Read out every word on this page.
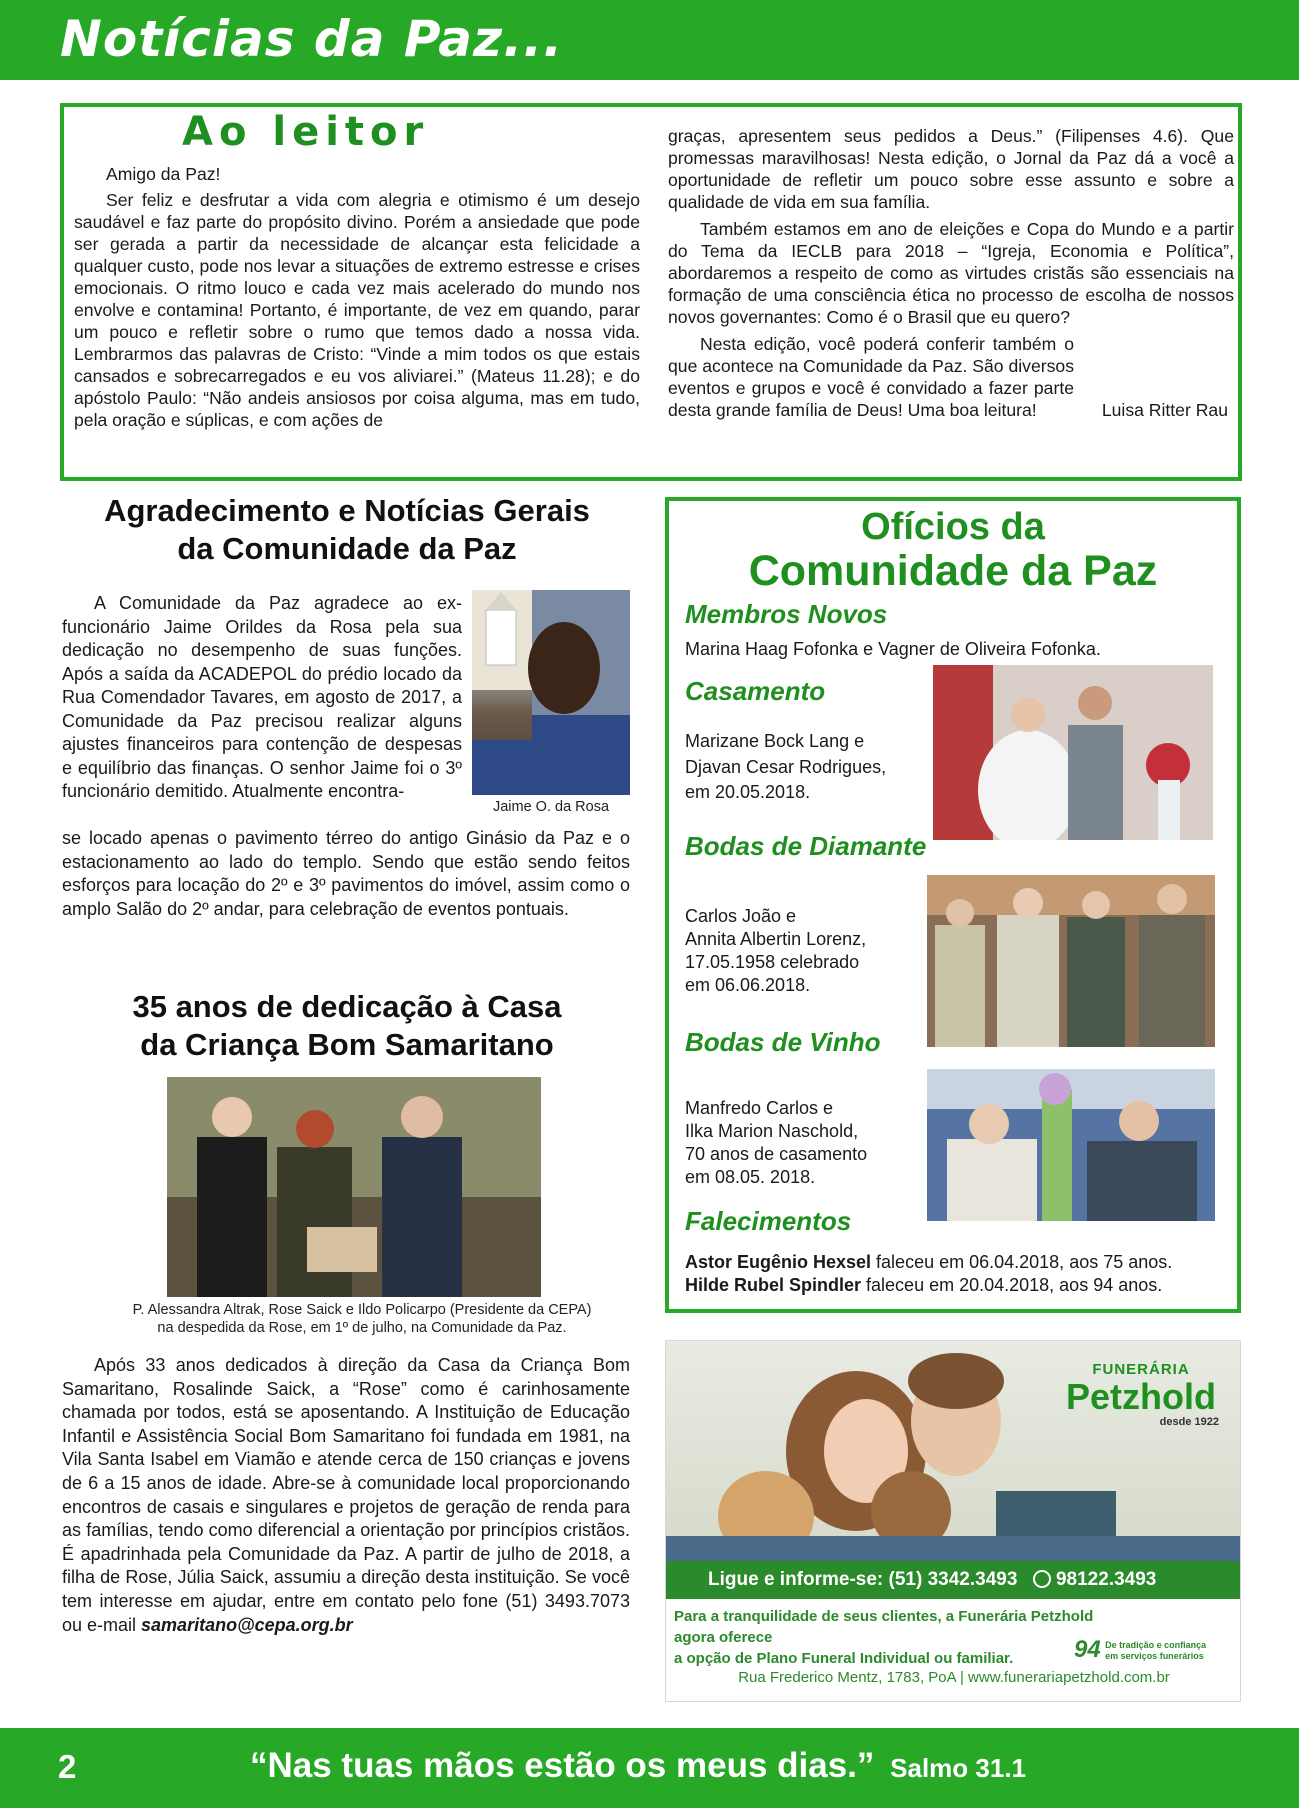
Notícias da Paz...
Ao leitor

Amigo da Paz!

Ser feliz e desfrutar a vida com alegria e otimismo é um desejo saudável e faz parte do propósito divino. Porém a ansiedade que pode ser gerada a partir da necessidade de alcançar esta felicidade a qualquer custo, pode nos levar a situações de extremo estresse e crises emocionais. O ritmo louco e cada vez mais acelerado do mundo nos envolve e contamina! Portanto, é importante, de vez em quando, parar um pouco e refletir sobre o rumo que temos dado a nossa vida. Lembrarmos das palavras de Cristo: “Vinde a mim todos os que estais cansados e sobrecarregados e eu vos aliviarei.” (Mateus 11.28); e do apóstolo Paulo: “Não andeis ansiosos por coisa alguma, mas em tudo, pela oração e súplicas, e com ações de

graças, apresentem seus pedidos a Deus.” (Filipenses 4.6). Que promessas maravilhosas! Nesta edição, o Jornal da Paz dá a você a oportunidade de refletir um pouco sobre esse assunto e sobre a qualidade de vida em sua família.

Também estamos em ano de eleições e Copa do Mundo e a partir do Tema da IECLB para 2018 – “Igreja, Economia e Política”, abordaremos a respeito de como as virtudes cristãs são essenciais na formação de uma consciência ética no processo de escolha de nossos novos governantes: Como é o Brasil que eu quero?

Nesta edição, você poderá conferir também o que acontece na Comunidade da Paz. São diversos eventos e grupos e você é convidado a fazer parte desta grande família de Deus! Uma boa leitura!	Luisa Ritter Rau
Agradecimento e Notícias Gerais
da Comunidade da Paz

A Comunidade da Paz agradece ao ex-funcionário Jaime Orildes da Rosa pela sua dedicação no desempenho de suas funções. Após a saída da ACADEPOL do prédio locado da Rua Comendador Tavares, em agosto de 2017, a Comunidade da Paz precisou realizar alguns ajustes financeiros para contenção de despesas e equilíbrio das finanças. O senhor Jaime foi o 3º funcionário demitido. Atualmente encontra-

Jaime O. da Rosa

se locado apenas o pavimento térreo do antigo Ginásio da Paz e o estacionamento ao lado do templo. Sendo que estão sendo feitos esforços para locação do 2º e 3º pavimentos do imóvel, assim como o amplo Salão do 2º andar, para celebração de eventos pontuais.

35 anos de dedicação à Casa
da Criança Bom Samaritano
P. Alessandra Altrak, Rose Saick e Ildo Policarpo (Presidente da CEPA)
na despedida da Rose, em 1º de julho, na Comunidade da Paz.

Após 33 anos dedicados à direção da Casa da Criança Bom Samaritano, Rosalinde Saick, a “Rose” como é carinhosamente chamada por todos, está se aposentando. A Instituição de Educação Infantil e Assistência Social Bom Samaritano foi fundada em 1981, na Vila Santa Isabel em Viamão e atende cerca de 150 crianças e jovens de 6 a 15 anos de idade. Abre-se à comunidade local proporcionando encontros de casais e singulares e projetos de geração de renda para as famílias, tendo como diferencial a orientação por princípios cristãos. É apadrinhada pela Comunidade da Paz. A partir de julho de 2018, a filha de Rose, Júlia Saick, assumiu a direção desta instituição. Se você tem interesse em ajudar, entre em contato pelo fone (51) 3493.7073 ou e-mail samaritano@cepa.org.br

Ofícios da
Comunidade da Paz
Membros Novos
Marina Haag Fofonka e Vagner de Oliveira Fofonka.
Casamento
Marizane Bock Lang e
Djavan Cesar Rodrigues,
em 20.05.2018.
Bodas de Diamante
Carlos João e
Annita Albertin Lorenz,
17.05.1958 celebrado
em 06.06.2018.
Bodas de Vinho
Manfredo Carlos e
Ilka Marion Naschold,
70 anos de casamento
em 08.05. 2018.
Falecimentos
Astor Eugênio Hexsel faleceu em 06.04.2018, aos 75 anos.
Hilde Rubel Spindler faleceu em 20.04.2018, aos 94 anos.
FUNERÁRIA
Petzhold
desde 1922
Ligue e informe-se: (51) 3342.3493 98122.3493
Para a tranquilidade de seus clientes, a Funerária Petzhold agora oferece
a opção de Plano Funeral Individual ou familiar.	94 De tradição e confiança
em serviços funerários
Rua Frederico Mentz, 1783, PoA | www.funerariapetzhold.com.br
2	“Nas tuas mãos estão os meus dias.” Salmo 31.1
